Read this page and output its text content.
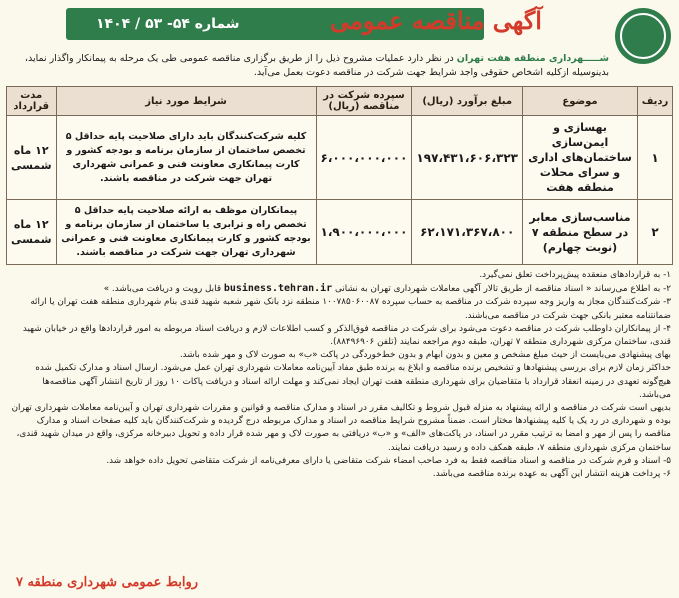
شماره ۵۴- ۵۳ / ۱۴۰۴	آگهی مناقصه عمومی
شـــــهرداری منطقه هفت تهران در نظر دارد عملیات مشروح ذیل را از طریق برگزاری مناقصه عمومی طی یک مرحله به پیمانکار واگذار نماید، بدینوسیله ازکلیه اشخاص حقوقی واجد شرایط جهت شرکت در مناقصه دعوت بعمل می‌آید.
ردیف	موضوع	مبلغ برآورد (ریال)	سپرده شرکت در مناقصه (ریال)	شرایط مورد نیاز	مدت قرارداد
۱	بهسازی و ایمن‌سازی ساختمان‌های اداری و سرای محلات منطقه هفت	۱۹۷،۴۳۱،۶۰۶،۳۲۳	۶،۰۰۰،۰۰۰،۰۰۰	کلیه شرکت‌کنندگان باید دارای صلاحیت پایه حداقل ۵ تخصص ساختمان از سازمان برنامه و بودجه کشور و کارت پیمانکاری معاونت فنی و عمرانی شهرداری تهران جهت شرکت در مناقصه باشند.	۱۲ ماه شمسی
۲	مناسب‌سازی معابر در سطح منطقه ۷ (نوبت چهارم)	۶۲،۱۷۱،۳۶۷،۸۰۰	۱،۹۰۰،۰۰۰،۰۰۰	پیمانکاران موظف به ارائه صلاحیت پایه حداقل ۵ تخصص راه و ترابری یا ساختمان از سازمان برنامه و بودجه کشور و کارت پیمانکاری معاونت فنی و عمرانی شهرداری تهران جهت شرکت در مناقصه باشند.	۱۲ ماه شمسی

۱- به قراردادهای منعقده پیش‌پرداخت تعلق نمی‌گیرد.

۲- به اطلاع می‌رساند « اسناد مناقصه از طریق تالار آگهی معاملات شهرداری تهران به نشانی business.tehran.ir قابل رویت و دریافت می‌باشد. »

۳- شرکت‌کنندگان مجاز به واریز وجه سپرده شرکت در مناقصه به حساب سپرده ۱۰۰۷۸۵۰۶۰۰۸۷ منطقه نزد بانک شهر شعبه شهید قندی بنام شهرداری منطقه هفت تهران یا ارائه ضمانتنامه معتبر بانکی جهت شرکت در مناقصه می‌باشند.

۴- از پیمانکاران داوطلب شرکت در مناقصه دعوت می‌شود برای شرکت در مناقصه فوق‌الذکر و کسب اطلاعات لازم و دریافت اسناد مربوطه به امور قراردادها واقع در خیابان شهید قندی، ساختمان مرکزی شهرداری منطقه ۷ تهران، طبقه دوم مراجعه نمایند (تلفن ۸۸۴۹۶۹۰۶).

بهای پیشنهادی می‌بایست از حیث مبلغ مشخص و معین و بدون ابهام و بدون خط‌خوردگی در پاکت «ب» به صورت لاک و مهر شده باشد.

حداکثر زمان لازم برای بررسی پیشنهادها و تشخیص برنده مناقصه و ابلاغ به برنده طبق مفاد آیین‌نامه معاملات شهرداری تهران عمل می‌شود. ارسال اسناد و مدارک تکمیل شده هیچ‌گونه تعهدی در زمینه انعقاد قرارداد با متقاضیان برای شهرداری منطقه هفت تهران ایجاد نمی‌کند و مهلت ارائه اسناد و دریافت پاکات ۱۰ روز از تاریخ انتشار آگهی مناقصه‌ها می‌باشد.

بدیهی است شرکت در مناقصه و ارائه پیشنهاد به منزله قبول شروط و تکالیف مقرر در اسناد و مدارک مناقصه و قوانین و مقررات شهرداری تهران و آیین‌نامه معاملات شهرداری تهران بوده و شهرداری در رد یک یا کلیه پیشنهادها مختار است. ضمناً مشروح شرایط مناقصه در اسناد و مدارک مربوطه درج گردیده و شرکت‌کنندگان باید کلیه صفحات اسناد و مدارک مناقصه را پس از مهر و امضا به ترتیب مقرر در اسناد، در پاکت‌های «الف» و «ب» دریافتی به صورت لاک و مهر شده قرار داده و تحویل دبیرخانه مرکزی، واقع در میدان شهید قندی، ساختمان مرکزی شهرداری منطقه ۷، طبقه همکف داده و رسید دریافت نمایند.

۵- اسناد و فرم شرکت در مناقصه و اسناد مناقصه فقط به فرد صاحب امضاء شرکت متقاضی یا دارای معرفی‌نامه از شرکت متقاضی تحویل داده خواهد شد.

۶- پرداخت هزینه انتشار این آگهی به عهده برنده مناقصه می‌باشد.

روابط عمومی شهرداری منطقه ۷
